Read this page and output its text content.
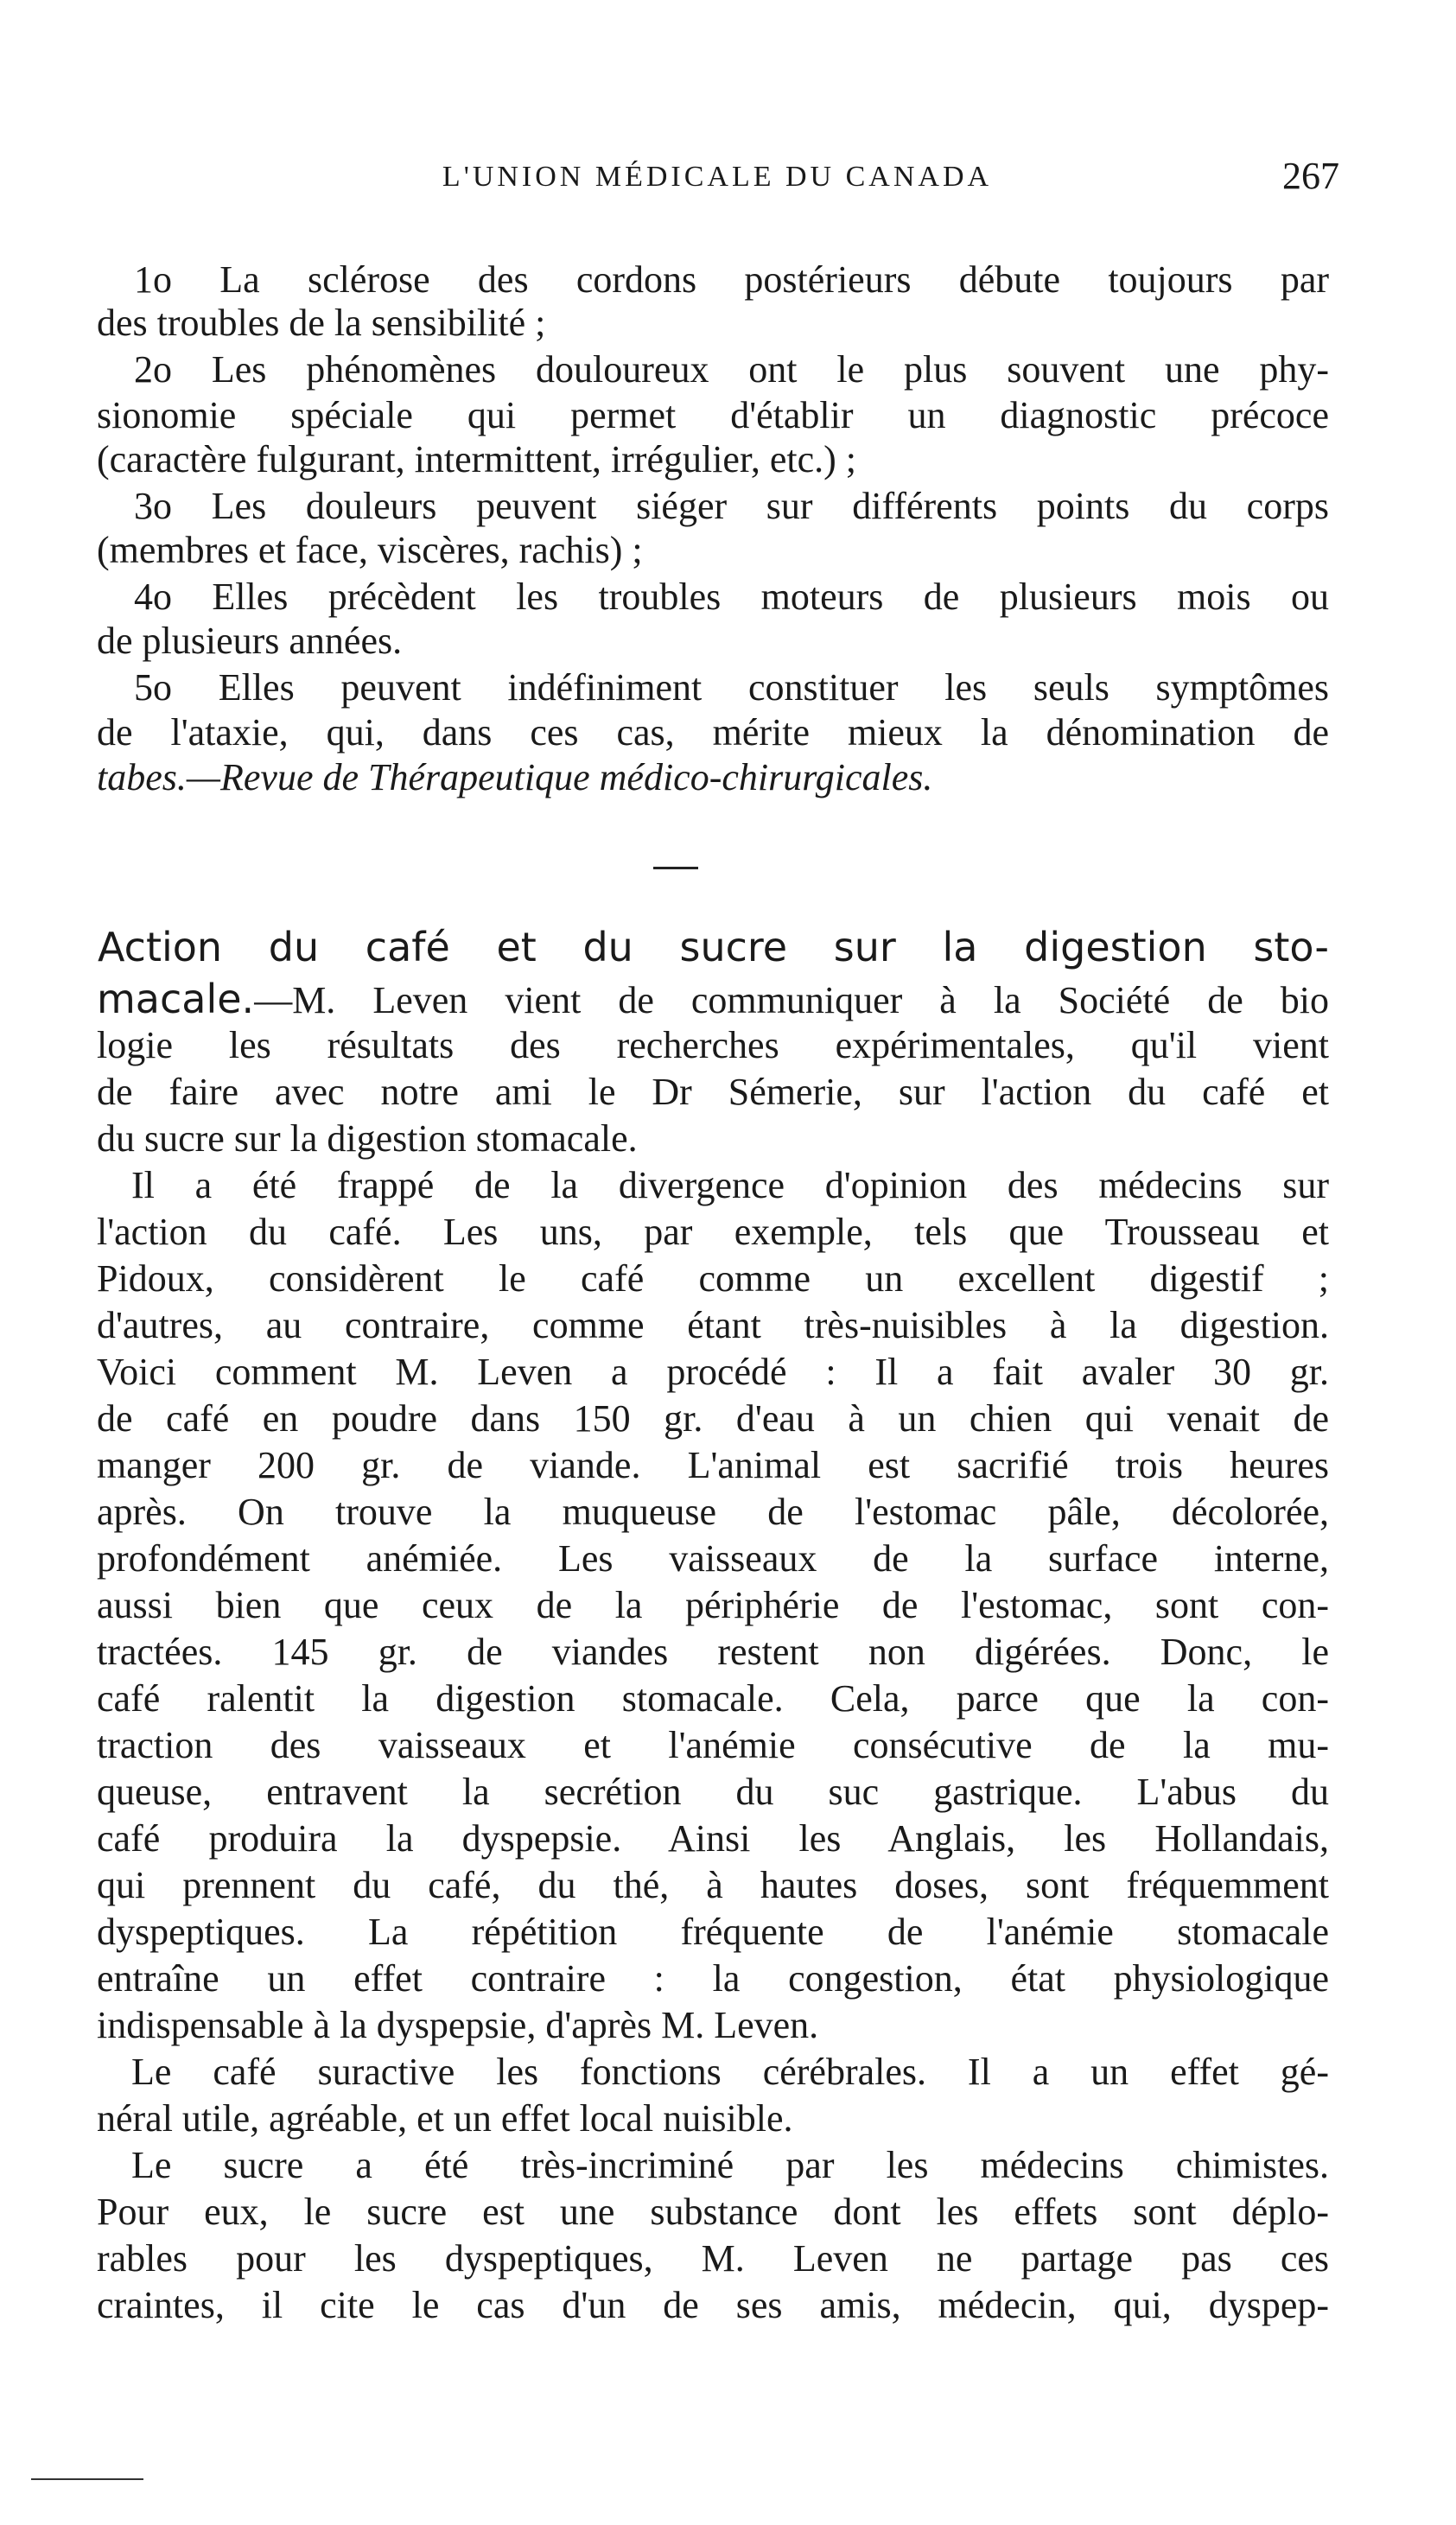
L'UNION MÉDICALE DU CANADA	267
1o La sclérose des cordons postérieurs débute toujours par
des troubles de la sensibilité ;
2o Les phénomènes douloureux ont le plus souvent une phy-
sionomie spéciale qui permet d'établir un diagnostic précoce
(caractère fulgurant, intermittent, irrégulier, etc.) ;
3o Les douleurs peuvent siéger sur différents points du corps
(membres et face, viscères, rachis) ;
4o Elles précèdent les troubles moteurs de plusieurs mois ou
de plusieurs années.
5o Elles peuvent indéfiniment constituer les seuls symptômes
de l'ataxie, qui, dans ces cas, mérite mieux la dénomination de
tabes.—Revue de Thérapeutique médico-chirurgicales.
Action du café et du sucre sur la digestion sto-
macale.—M. Leven vient de communiquer à la Société de bio
logie les résultats des recherches expérimentales, qu'il vient
de faire avec notre ami le Dr Sémerie, sur l'action du café et
du sucre sur la digestion stomacale.
Il a été frappé de la divergence d'opinion des médecins sur
l'action du café. Les uns, par exemple, tels que Trousseau et
Pidoux, considèrent le café comme un excellent digestif ;
d'autres, au contraire, comme étant très-nuisibles à la digestion.
Voici comment M. Leven a procédé : Il a fait avaler 30 gr.
de café en poudre dans 150 gr. d'eau à un chien qui venait de
manger 200 gr. de viande. L'animal est sacrifié trois heures
après. On trouve la muqueuse de l'estomac pâle, décolorée,
profondément anémiée. Les vaisseaux de la surface interne,
aussi bien que ceux de la périphérie de l'estomac, sont con-
tractées. 145 gr. de viandes restent non digérées. Donc, le
café ralentit la digestion stomacale. Cela, parce que la con-
traction des vaisseaux et l'anémie consécutive de la mu-
queuse, entravent la secrétion du suc gastrique. L'abus du
café produira la dyspepsie. Ainsi les Anglais, les Hollandais,
qui prennent du café, du thé, à hautes doses, sont fréquemment
dyspeptiques. La répétition fréquente de l'anémie stomacale
entraîne un effet contraire : la congestion, état physiologique
indispensable à la dyspepsie, d'après M. Leven.
Le café suractive les fonctions cérébrales. Il a un effet gé-
néral utile, agréable, et un effet local nuisible.
Le sucre a été très-incriminé par les médecins chimistes.
Pour eux, le sucre est une substance dont les effets sont déplo-
rables pour les dyspeptiques, M. Leven ne partage pas ces
craintes, il cite le cas d'un de ses amis, médecin, qui, dyspep-
